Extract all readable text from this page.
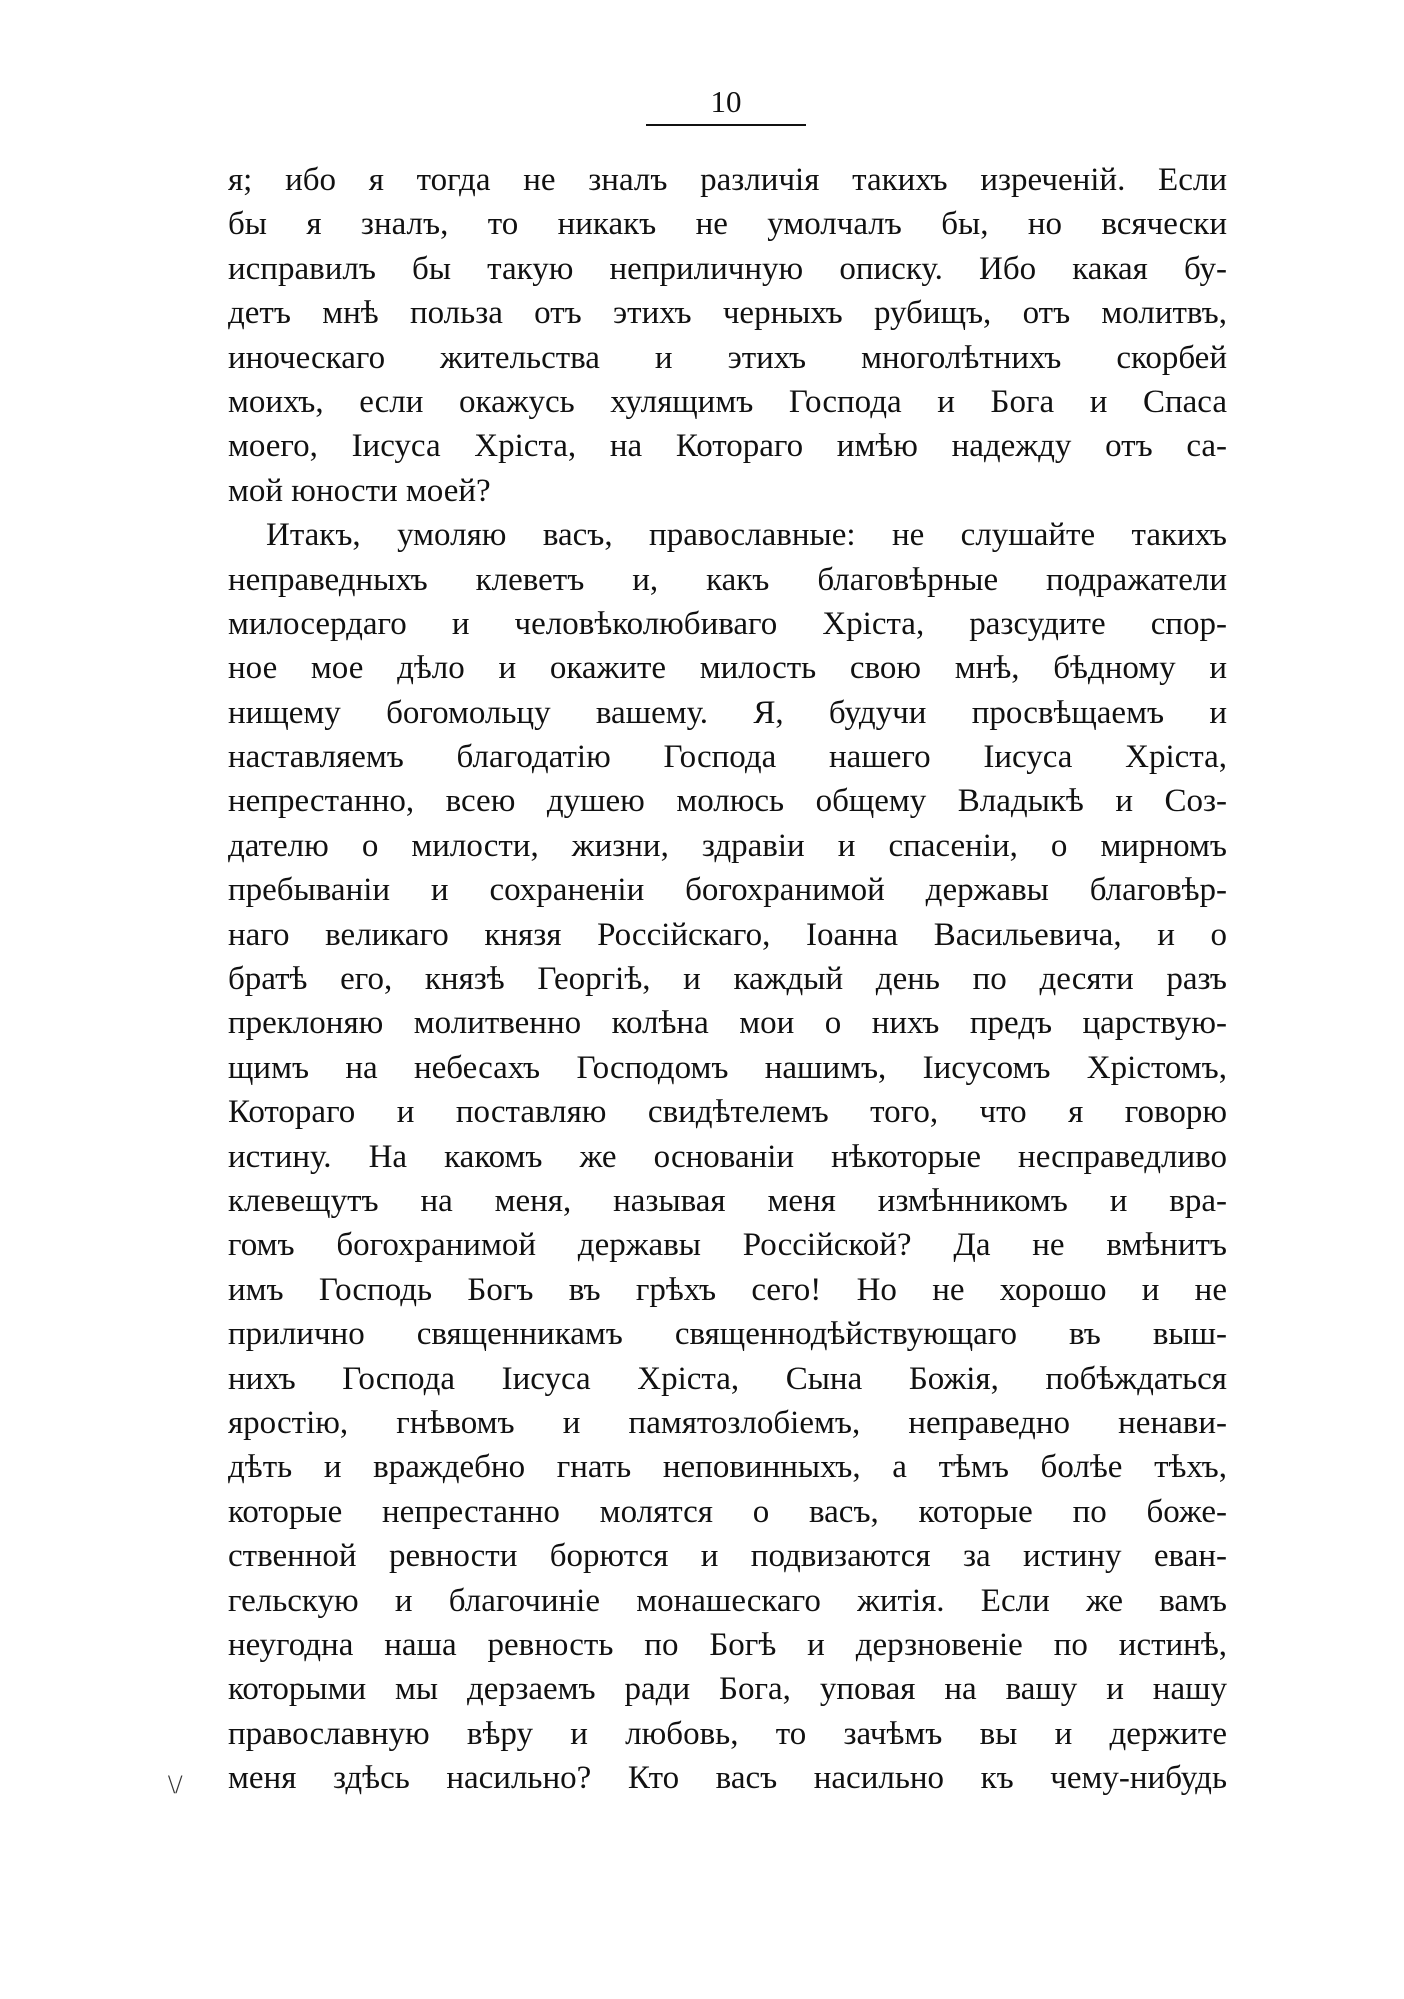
10
я; ибо я тогда не зналъ различія такихъ изреченій. Если
бы я зналъ, то никакъ не умолчалъ бы, но всячески
исправилъ бы такую неприличную описку. Ибо какая бу-
детъ мнѣ польза отъ этихъ черныхъ рубищъ, отъ молитвъ,
иноческаго жительства и этихъ многолѣтнихъ скорбей
моихъ, если окажусь хулящимъ Господа и Бога и Спаса
моего, Іисуса Хріста, на Котораго имѣю надежду отъ са-
мой юности моей?
Итакъ, умоляю васъ, православные: не слушайте такихъ
неправедныхъ клеветъ и, какъ благовѣрные подражатели
милосердаго и человѣколюбиваго Хріста, разсудите спор-
ное мое дѣло и окажите милость свою мнѣ, бѣдному и
нищему богомольцу вашему. Я, будучи просвѣщаемъ и
наставляемъ благодатію Господа нашего Іисуса Хріста,
непрестанно, всею душею молюсь общему Владыкѣ и Соз-
дателю о милости, жизни, здравіи и спасеніи, о мирномъ
пребываніи и сохраненіи богохранимой державы благовѣр-
наго великаго князя Россійскаго, Іоанна Васильевича, и о
братѣ его, князѣ Георгіѣ, и каждый день по десяти разъ
преклоняю молитвенно колѣна мои о нихъ предъ царствую-
щимъ на небесахъ Господомъ нашимъ, Іисусомъ Хрістомъ,
Котораго и поставляю свидѣтелемъ того, что я говорю
истину. На какомъ же основаніи нѣкоторые несправедливо
клевещутъ на меня, называя меня измѣнникомъ и вра-
гомъ богохранимой державы Россійской? Да не вмѣнитъ
имъ Господь Богъ въ грѣхъ сего! Но не хорошо и не
прилично священникамъ священнодѣйствующаго въ выш-
нихъ Господа Іисуса Хріста, Сына Божія, побѣждаться
яростію, гнѣвомъ и памятозлобіемъ, неправедно ненави-
дѣть и враждебно гнать неповинныхъ, а тѣмъ болѣе тѣхъ,
которые непрестанно молятся о васъ, которые по боже-
ственной ревности борются и подвизаются за истину еван-
гельскую и благочиніе монашескаго житія. Если же вамъ
неугодна наша ревность по Богѣ и дерзновеніе по истинѣ,
которыми мы дерзаемъ ради Бога, уповая на вашу и нашу
православную вѣру и любовь, то зачѣмъ вы и держите
меня здѣсь насильно? Кто васъ насильно къ чему-нибудь
\/
